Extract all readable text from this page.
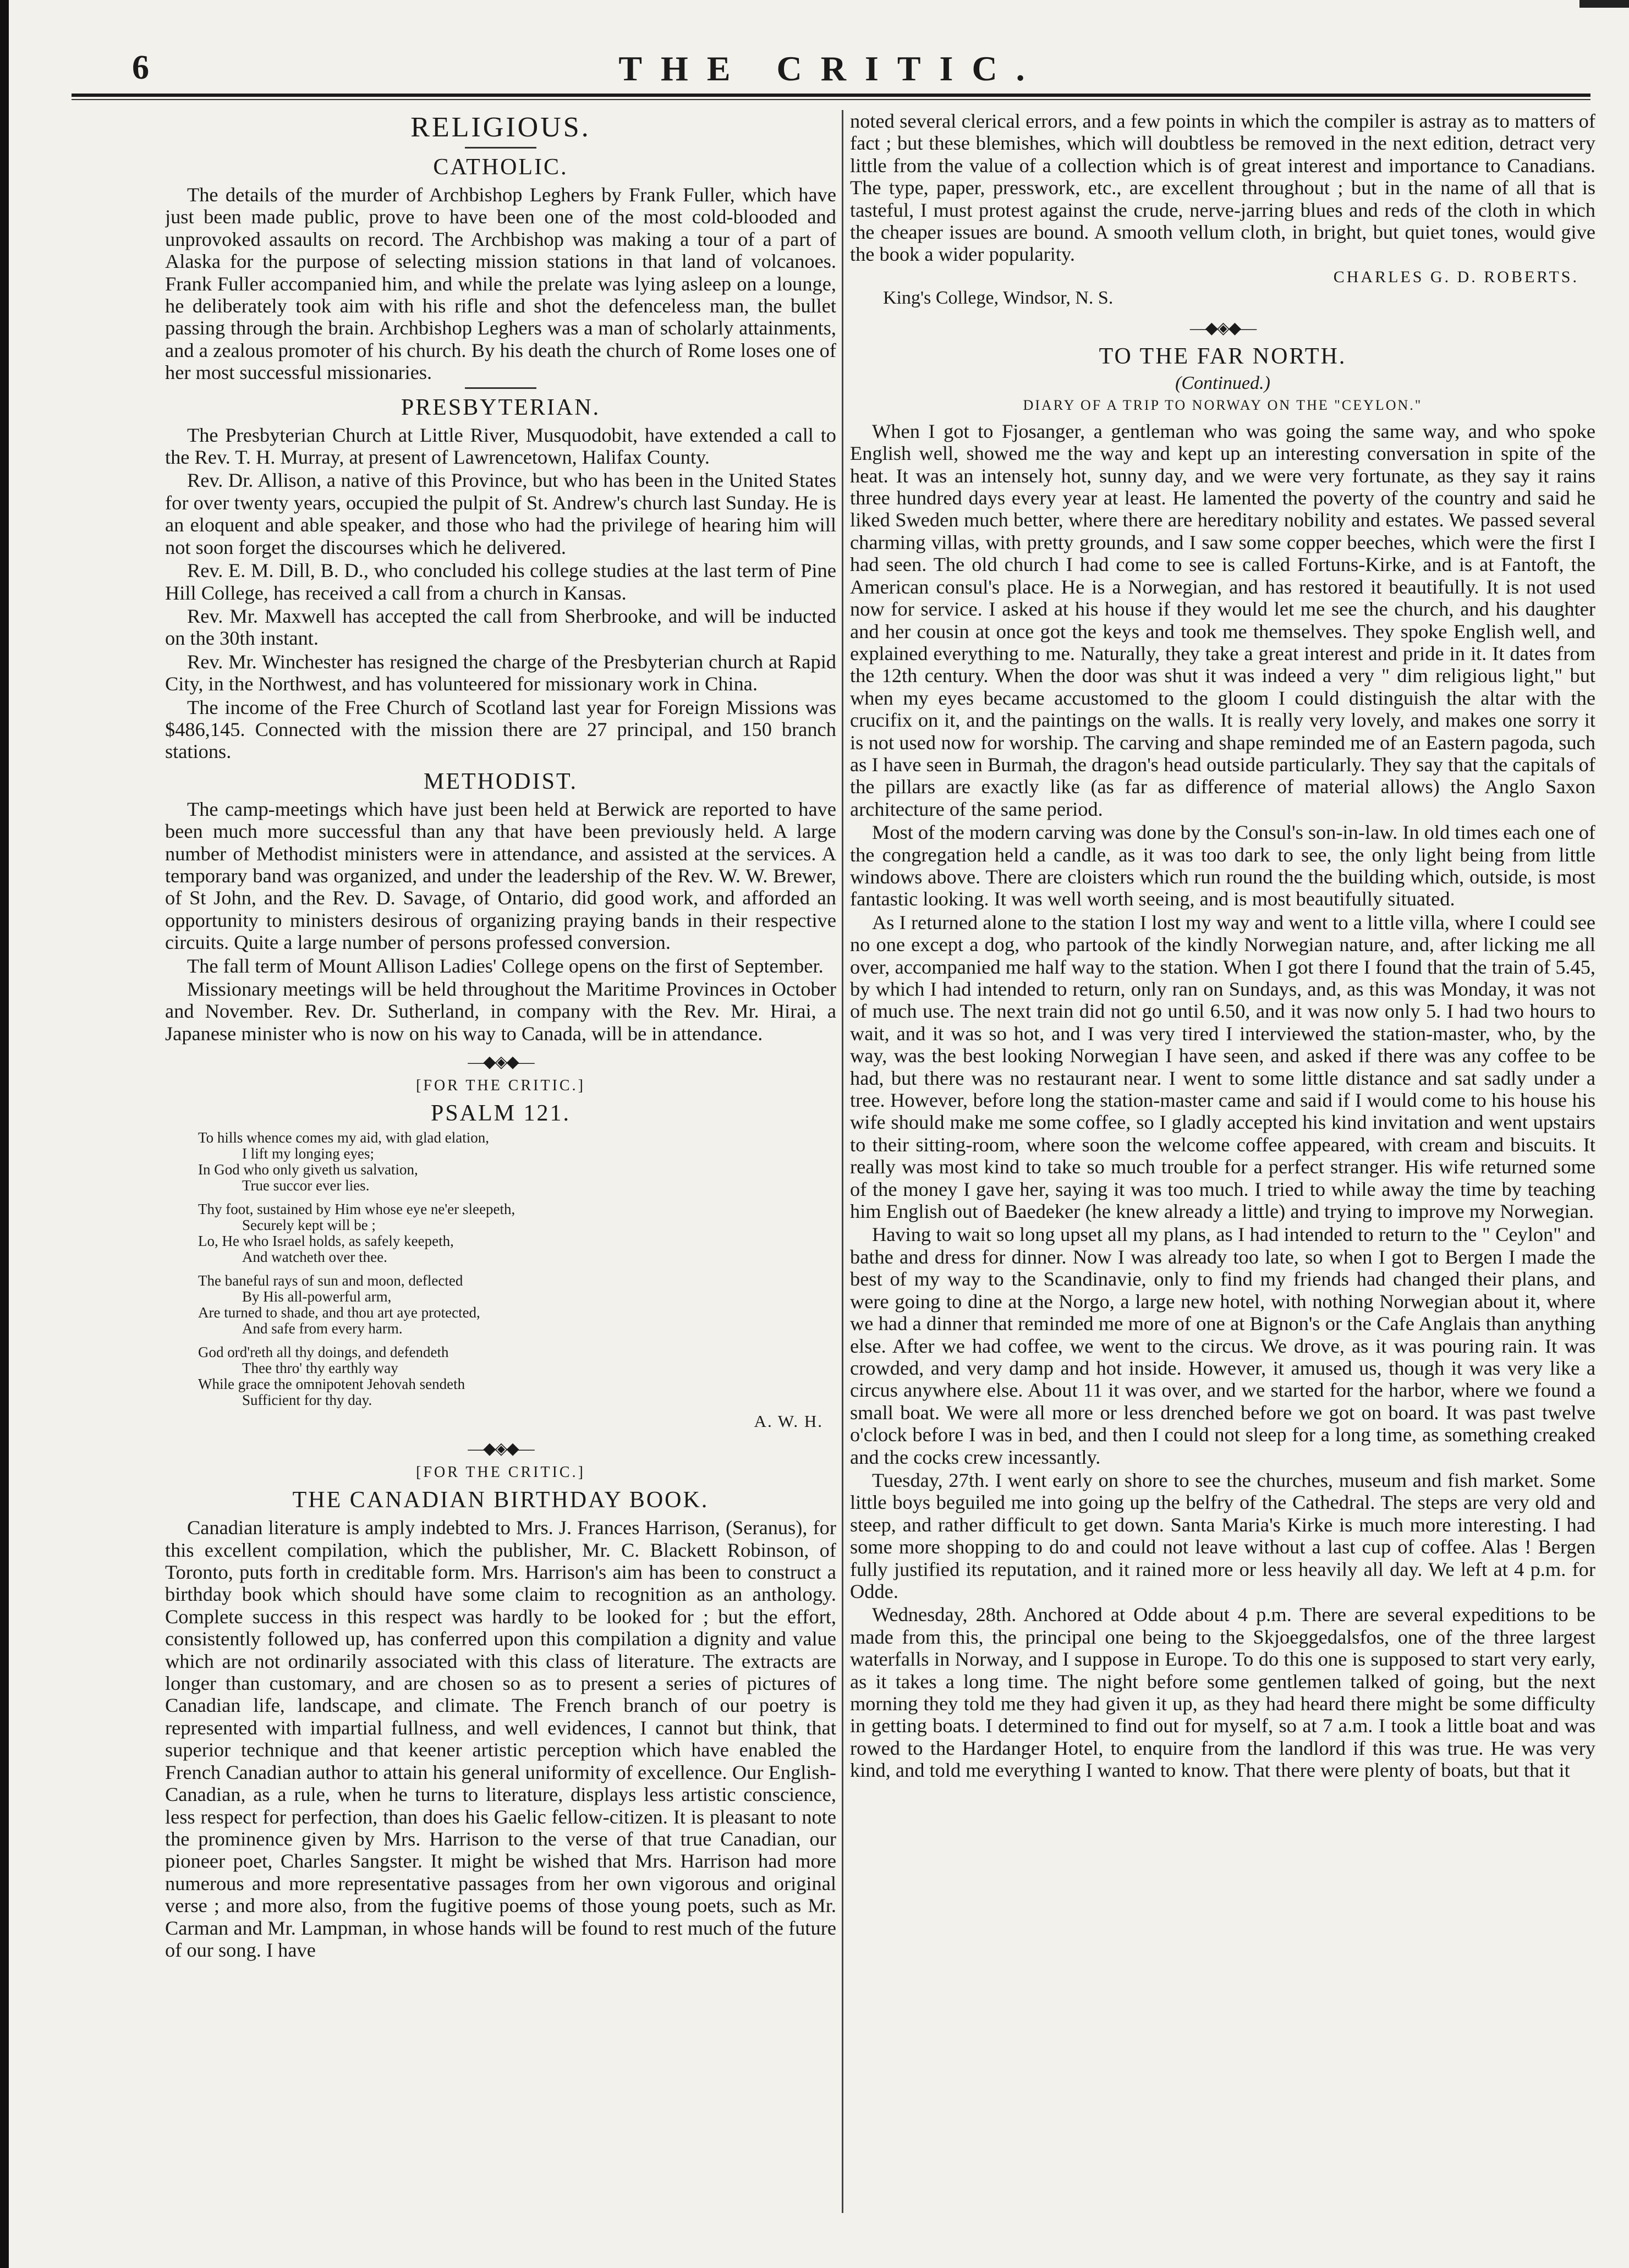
6	THE CRITIC.
RELIGIOUS.
CATHOLIC.

The details of the murder of Archbishop Leghers by Frank Fuller, which have just been made public, prove to have been one of the most cold-blooded and unprovoked assaults on record. The Archbishop was making a tour of a part of Alaska for the purpose of selecting mission stations in that land of volcanoes. Frank Fuller accompanied him, and while the prelate was lying asleep on a lounge, he deliberately took aim with his rifle and shot the defenceless man, the bullet passing through the brain. Archbishop Leghers was a man of scholarly attainments, and a zealous promoter of his church. By his death the church of Rome loses one of her most successful missionaries.

PRESBYTERIAN.

The Presbyterian Church at Little River, Musquodobit, have extended a call to the Rev. T. H. Murray, at present of Lawrencetown, Halifax County.

Rev. Dr. Allison, a native of this Province, but who has been in the United States for over twenty years, occupied the pulpit of St. Andrew's church last Sunday. He is an eloquent and able speaker, and those who had the privilege of hearing him will not soon forget the discourses which he delivered.

Rev. E. M. Dill, B. D., who concluded his college studies at the last term of Pine Hill College, has received a call from a church in Kansas.

Rev. Mr. Maxwell has accepted the call from Sherbrooke, and will be inducted on the 30th instant.

Rev. Mr. Winchester has resigned the charge of the Presbyterian church at Rapid City, in the Northwest, and has volunteered for missionary work in China.

The income of the Free Church of Scotland last year for Foreign Missions was $486,145. Connected with the mission there are 27 principal, and 150 branch stations.

METHODIST.

The camp-meetings which have just been held at Berwick are reported to have been much more successful than any that have been previously held. A large number of Methodist ministers were in attendance, and assisted at the services. A temporary band was organized, and under the leadership of the Rev. W. W. Brewer, of St John, and the Rev. D. Savage, of Ontario, did good work, and afforded an opportunity to ministers desirous of organizing praying bands in their respective circuits. Quite a large number of persons professed conversion.

The fall term of Mount Allison Ladies' College opens on the first of September.

Missionary meetings will be held throughout the Maritime Provinces in October and November. Rev. Dr. Sutherland, in company with the Rev. Mr. Hirai, a Japanese minister who is now on his way to Canada, will be in attendance.

—◆◈◆—
[FOR THE CRITIC.]
PSALM 121.
To hills whence comes my aid, with glad elation,
I lift my longing eyes;
In God who only giveth us salvation,
True succor ever lies.
Thy foot, sustained by Him whose eye ne'er sleepeth,
Securely kept will be ;
Lo, He who Israel holds, as safely keepeth,
And watcheth over thee.
The baneful rays of sun and moon, deflected
By His all-powerful arm,
Are turned to shade, and thou art aye protected,
And safe from every harm.
God ord'reth all thy doings, and defendeth
Thee thro' thy earthly way
While grace the omnipotent Jehovah sendeth
Sufficient for thy day.
A. W. H.
—◆◈◆—
[FOR THE CRITIC.]
THE CANADIAN BIRTHDAY BOOK.

Canadian literature is amply indebted to Mrs. J. Frances Harrison, (Seranus), for this excellent compilation, which the publisher, Mr. C. Blackett Robinson, of Toronto, puts forth in creditable form. Mrs. Harrison's aim has been to construct a birthday book which should have some claim to recognition as an anthology. Complete success in this respect was hardly to be looked for ; but the effort, consistently followed up, has conferred upon this compilation a dignity and value which are not ordinarily associated with this class of literature. The extracts are longer than customary, and are chosen so as to present a series of pictures of Canadian life, landscape, and climate. The French branch of our poetry is represented with impartial fullness, and well evidences, I cannot but think, that superior technique and that keener artistic perception which have enabled the French Canadian author to attain his general uniformity of excellence. Our English-Canadian, as a rule, when he turns to literature, displays less artistic conscience, less respect for perfection, than does his Gaelic fellow-citizen. It is pleasant to note the prominence given by Mrs. Harrison to the verse of that true Canadian, our pioneer poet, Charles Sangster. It might be wished that Mrs. Harrison had more numerous and more representative passages from her own vigorous and original verse ; and more also, from the fugitive poems of those young poets, such as Mr. Carman and Mr. Lampman, in whose hands will be found to rest much of the future of our song. I have

noted several clerical errors, and a few points in which the compiler is astray as to matters of fact ; but these blemishes, which will doubtless be removed in the next edition, detract very little from the value of a collection which is of great interest and importance to Canadians. The type, paper, presswork, etc., are excellent throughout ; but in the name of all that is tasteful, I must protest against the crude, nerve-jarring blues and reds of the cloth in which the cheaper issues are bound. A smooth vellum cloth, in bright, but quiet tones, would give the book a wider popularity.

CHARLES G. D. ROBERTS.
King's College, Windsor, N. S.
—◆◈◆—
TO THE FAR NORTH.
(Continued.)
DIARY OF A TRIP TO NORWAY ON THE "CEYLON."

When I got to Fjosanger, a gentleman who was going the same way, and who spoke English well, showed me the way and kept up an interesting conversation in spite of the heat. It was an intensely hot, sunny day, and we were very fortunate, as they say it rains three hundred days every year at least. He lamented the poverty of the country and said he liked Sweden much better, where there are hereditary nobility and estates. We passed several charming villas, with pretty grounds, and I saw some copper beeches, which were the first I had seen. The old church I had come to see is called Fortuns-Kirke, and is at Fantoft, the American consul's place. He is a Norwegian, and has restored it beautifully. It is not used now for service. I asked at his house if they would let me see the church, and his daughter and her cousin at once got the keys and took me themselves. They spoke English well, and explained everything to me. Naturally, they take a great interest and pride in it. It dates from the 12th century. When the door was shut it was indeed a very " dim religious light," but when my eyes became accustomed to the gloom I could distinguish the altar with the crucifix on it, and the paintings on the walls. It is really very lovely, and makes one sorry it is not used now for worship. The carving and shape reminded me of an Eastern pagoda, such as I have seen in Burmah, the dragon's head outside particularly. They say that the capitals of the pillars are exactly like (as far as difference of material allows) the Anglo Saxon architecture of the same period.

Most of the modern carving was done by the Consul's son-in-law. In old times each one of the congregation held a candle, as it was too dark to see, the only light being from little windows above. There are cloisters which run round the the building which, outside, is most fantastic looking. It was well worth seeing, and is most beautifully situated.

As I returned alone to the station I lost my way and went to a little villa, where I could see no one except a dog, who partook of the kindly Norwegian nature, and, after licking me all over, accompanied me half way to the station. When I got there I found that the train of 5.45, by which I had intended to return, only ran on Sundays, and, as this was Monday, it was not of much use. The next train did not go until 6.50, and it was now only 5. I had two hours to wait, and it was so hot, and I was very tired I interviewed the station-master, who, by the way, was the best looking Norwegian I have seen, and asked if there was any coffee to be had, but there was no restaurant near. I went to some little distance and sat sadly under a tree. However, before long the station-master came and said if I would come to his house his wife should make me some coffee, so I gladly accepted his kind invitation and went upstairs to their sitting-room, where soon the welcome coffee appeared, with cream and biscuits. It really was most kind to take so much trouble for a perfect stranger. His wife returned some of the money I gave her, saying it was too much. I tried to while away the time by teaching him English out of Baedeker (he knew already a little) and trying to improve my Norwegian.

Having to wait so long upset all my plans, as I had intended to return to the " Ceylon" and bathe and dress for dinner. Now I was already too late, so when I got to Bergen I made the best of my way to the Scandinavie, only to find my friends had changed their plans, and were going to dine at the Norgo, a large new hotel, with nothing Norwegian about it, where we had a dinner that reminded me more of one at Bignon's or the Cafe Anglais than anything else. After we had coffee, we went to the circus. We drove, as it was pouring rain. It was crowded, and very damp and hot inside. However, it amused us, though it was very like a circus anywhere else. About 11 it was over, and we started for the harbor, where we found a small boat. We were all more or less drenched before we got on board. It was past twelve o'clock before I was in bed, and then I could not sleep for a long time, as something creaked and the cocks crew incessantly.

Tuesday, 27th. I went early on shore to see the churches, museum and fish market. Some little boys beguiled me into going up the belfry of the Cathedral. The steps are very old and steep, and rather difficult to get down. Santa Maria's Kirke is much more interesting. I had some more shopping to do and could not leave without a last cup of coffee. Alas ! Bergen fully justified its reputation, and it rained more or less heavily all day. We left at 4 p.m. for Odde.

Wednesday, 28th. Anchored at Odde about 4 p.m. There are several expeditions to be made from this, the principal one being to the Skjoeggedalsfos, one of the three largest waterfalls in Norway, and I suppose in Europe. To do this one is supposed to start very early, as it takes a long time. The night before some gentlemen talked of going, but the next morning they told me they had given it up, as they had heard there might be some difficulty in getting boats. I determined to find out for myself, so at 7 a.m. I took a little boat and was rowed to the Hardanger Hotel, to enquire from the landlord if this was true. He was very kind, and told me everything I wanted to know. That there were plenty of boats, but that it
